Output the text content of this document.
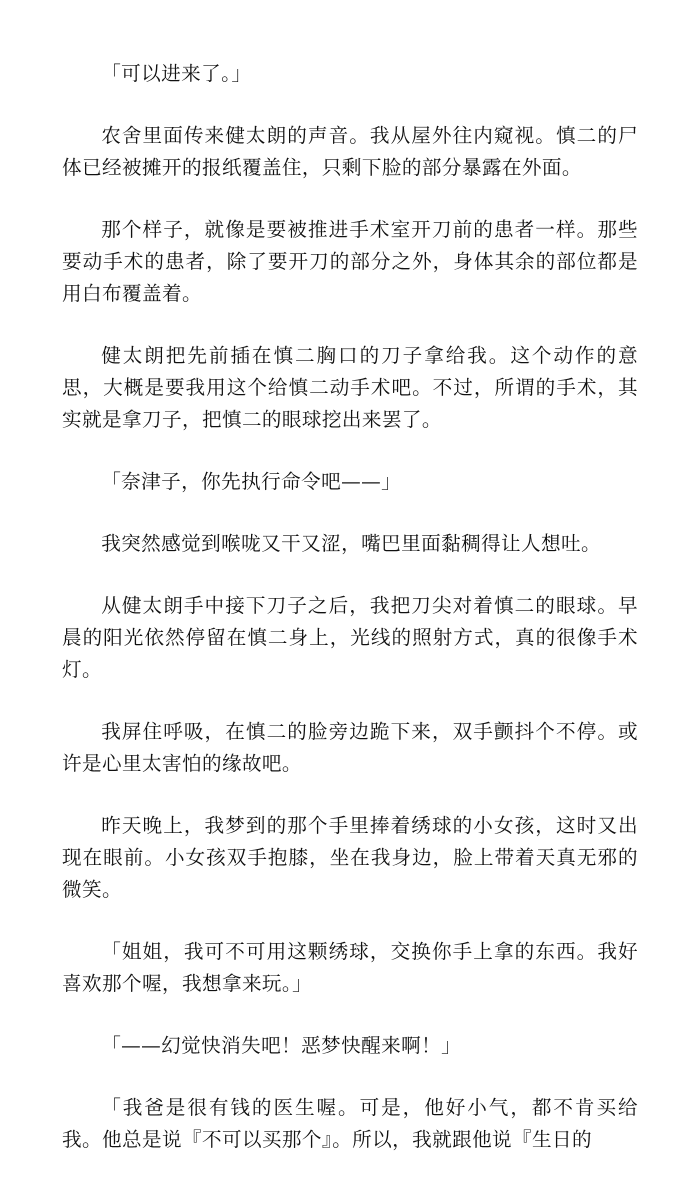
「可以进来了。」

农舍里面传来健太朗的声音。我从屋外往内窥视。慎二的尸体已经被摊开的报纸覆盖住，只剩下脸的部分暴露在外面。

那个样子，就像是要被推进手术室开刀前的患者一样。那些要动手术的患者，除了要开刀的部分之外，身体其余的部位都是用白布覆盖着。

健太朗把先前插在慎二胸口的刀子拿给我。这个动作的意思，大概是要我用这个给慎二动手术吧。不过，所谓的手术，其实就是拿刀子，把慎二的眼球挖出来罢了。

「奈津子，你先执行命令吧——」

我突然感觉到喉咙又干又涩，嘴巴里面黏稠得让人想吐。

从健太朗手中接下刀子之后，我把刀尖对着慎二的眼球。早晨的阳光依然停留在慎二身上，光线的照射方式，真的很像手术灯。

我屏住呼吸，在慎二的脸旁边跪下来，双手颤抖个不停。或许是心里太害怕的缘故吧。

昨天晚上，我梦到的那个手里捧着绣球的小女孩，这时又出现在眼前。小女孩双手抱膝，坐在我身边，脸上带着天真无邪的微笑。

「姐姐，我可不可用这颗绣球，交换你手上拿的东西。我好喜欢那个喔，我想拿来玩。」

「——幻觉快消失吧！恶梦快醒来啊！」

「我爸是很有钱的医生喔。可是，他好小气，都不肯买给我。他总是说『不可以买那个』。所以，我就跟他说『生日的
